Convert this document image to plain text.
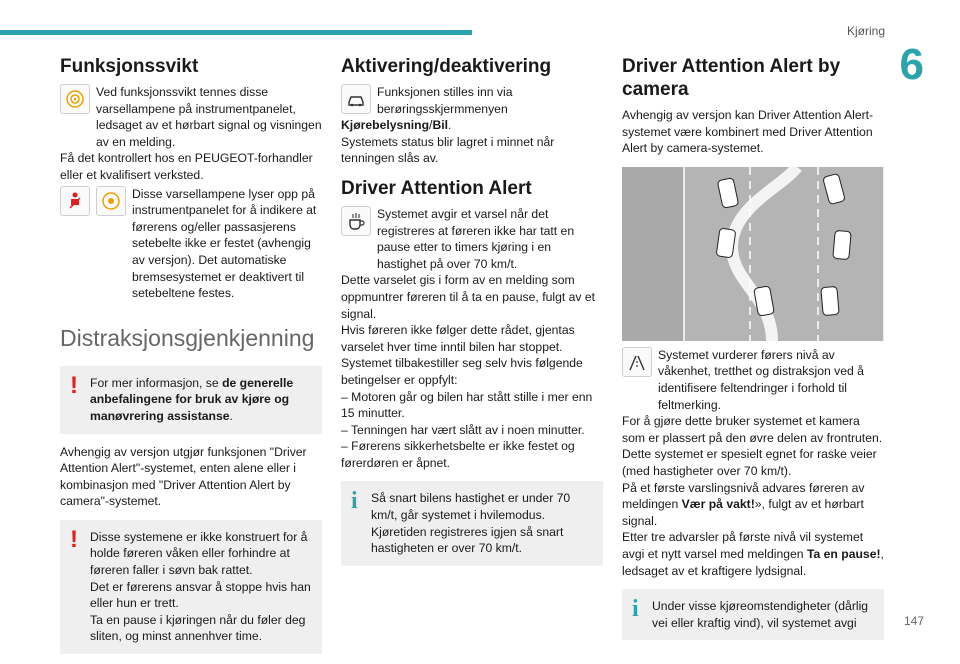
Kjøring
6
147
Funksjonssvikt

Ved funksjonssvikt tennes disse varsellampene på instrumentpanelet, ledsaget av et hørbart signal og visningen av en melding.

Få det kontrollert hos en PEUGEOT-forhandler eller et kvalifisert verksted.

Disse varsellampene lyser opp på instrumentpanelet for å indikere at førerens og/eller passasjerens setebelte ikke er festet (avhengig av versjon). Det automatiske bremsesystemet er deaktivert til setebeltene festes.

Distraksjonsgjenkjenning
! For mer informasjon, se de generelle anbefalingene for bruk av kjøre og manøvrering assistanse.

Avhengig av versjon utgjør funksjonen "Driver Attention Alert"-systemet, enten alene eller i kombinasjon med "Driver Attention Alert by camera"-systemet.

! Disse systemene er ikke konstruert for å holde føreren våken eller forhindre at føreren faller i søvn bak rattet.

Det er førerens ansvar å stoppe hvis han eller hun er trett.

Ta en pause i kjøringen når du føler deg sliten, og minst annenhver time.

Aktivering/deaktivering

Funksjonen stilles inn via berøringsskjermmenyen

Kjørebelysning/Bil.

Systemets status blir lagret i minnet når tenningen slås av.

Driver Attention Alert

Systemet avgir et varsel når det registreres at føreren ikke har tatt en pause etter to timers kjøring i en hastighet på over 70 km/t.

Dette varselet gis i form av en melding som oppmuntrer føreren til å ta en pause, fulgt av et signal.

Hvis føreren ikke følger dette rådet, gjentas varselet hver time inntil bilen har stoppet.

Systemet tilbakestiller seg selv hvis følgende betingelser er oppfylt:

– Motoren går og bilen har stått stille i mer enn 15 minutter.

– Tenningen har vært slått av i noen minutter.

– Førerens sikkerhetsbelte er ikke festet og førerdøren er åpnet.

i Så snart bilens hastighet er under 70 km/t, går systemet i hvilemodus.

Kjøretiden registreres igjen så snart hastigheten er over 70 km/t.

Driver Attention Alert by camera

Avhengig av versjon kan Driver Attention Alert-systemet være kombinert med Driver Attention Alert by camera-systemet.

Systemet vurderer førers nivå av våkenhet, tretthet og distraksjon ved å identifisere feltendringer i forhold til feltmerking.

For å gjøre dette bruker systemet et kamera som er plassert på den øvre delen av frontruten.

Dette systemet er spesielt egnet for raske veier (med hastigheter over 70 km/t).

På et første varslingsnivå advares føreren av meldingen Vær på vakt!», fulgt av et hørbart signal.

Etter tre advarsler på første nivå vil systemet avgi et nytt varsel med meldingen Ta en pause!, ledsaget av et kraftigere lydsignal.

i Under visse kjøreomstendigheter (dårlig vei eller kraftig vind), vil systemet avgi
